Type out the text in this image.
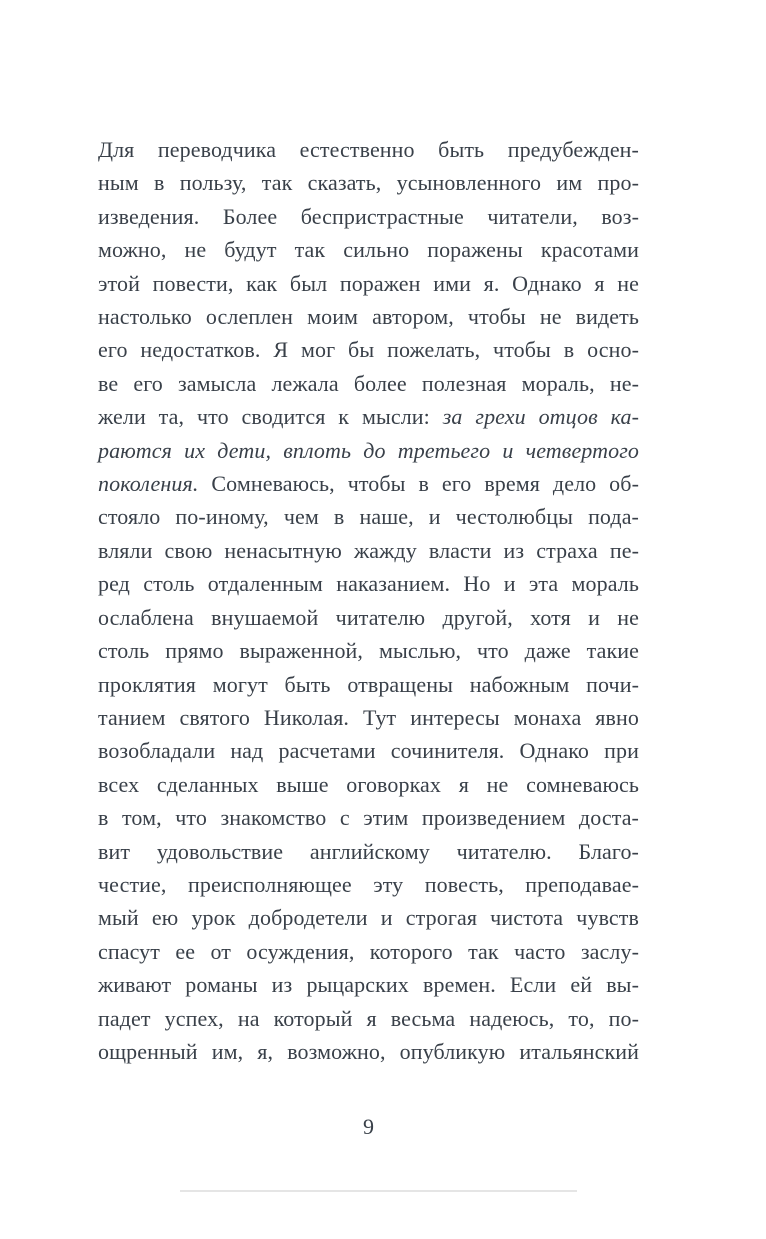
Для переводчика естественно быть предубежден-
ным в пользу, так сказать, усыновленного им про-
изведения. Более беспристрастные читатели, воз-
можно, не будут так сильно поражены красотами
этой повести, как был поражен ими я. Однако я не
настолько ослеплен моим автором, чтобы не видеть
его недостатков. Я мог бы пожелать, чтобы в осно-
ве его замысла лежала более полезная мораль, не-
жели та, что сводится к мысли: за грехи отцов ка-
раются их дети, вплоть до третьего и четвертого
поколения. Сомневаюсь, чтобы в его время дело об-
стояло по-иному, чем в наше, и честолюбцы пода-
вляли свою ненасытную жажду власти из страха пе-
ред столь отдаленным наказанием. Но и эта мораль
ослаблена внушаемой читателю другой, хотя и не
столь прямо выраженной, мыслью, что даже такие
проклятия могут быть отвращены набожным почи-
танием святого Николая. Тут интересы монаха явно
возобладали над расчетами сочинителя. Однако при
всех сделанных выше оговорках я не сомневаюсь
в том, что знакомство с этим произведением доста-
вит удовольствие английскому читателю. Благо-
честие, преисполняющее эту повесть, преподавае-
мый ею урок добродетели и строгая чистота чувств
спасут ее от осуждения, которого так часто заслу-
живают романы из рыцарских времен. Если ей вы-
падет успех, на который я весьма надеюсь, то, по-
ощренный им, я, возможно, опубликую итальянский
9
